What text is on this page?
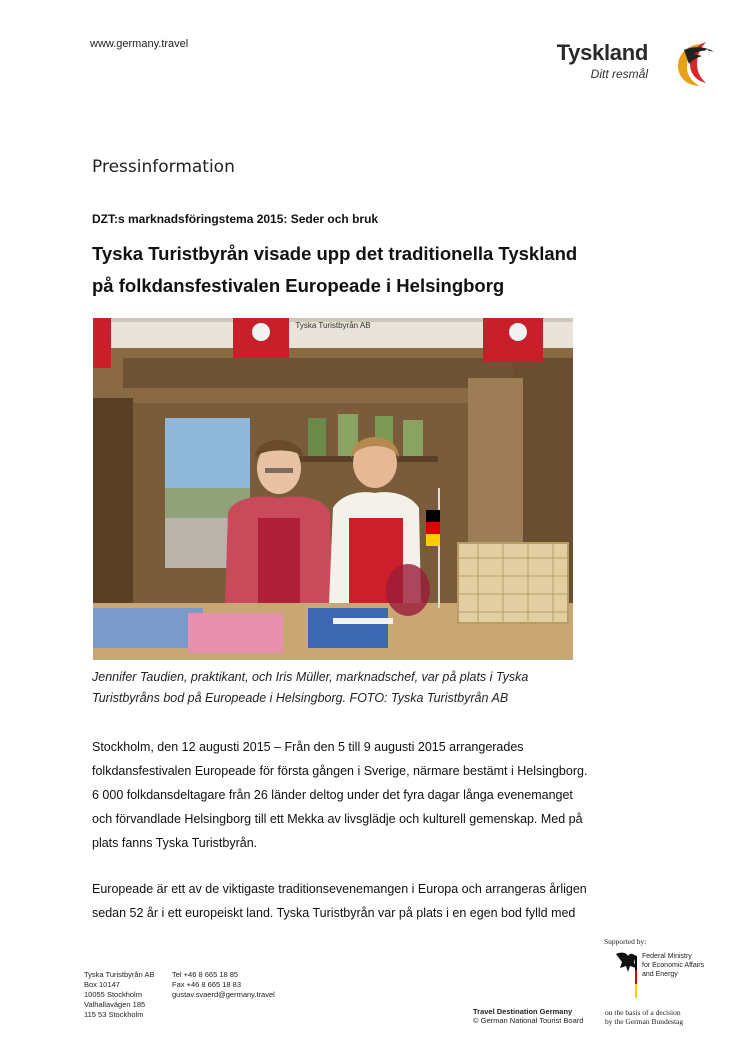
www.germany.travel	Tyskland
Ditt resmål
Pressinformation
DZT:s marknadsföringstema 2015: Seder och bruk
Tyska Turistbyrån visade upp det traditionella Tyskland
på folkdansfestivalen Europeade i Helsingborg
Tyska Turistbyrån AB
Jennifer Taudien, praktikant, och Iris Müller, marknadschef, var på plats i Tyska
Turistbyråns bod på Europeade i Helsingborg. FOTO: Tyska Turistbyrån AB
Stockholm, den 12 augusti 2015 – Från den 5 till 9 augusti 2015 arrangerades
folkdansfestivalen Europeade för första gången i Sverige, närmare bestämt i Helsingborg.
6 000 folkdansdeltagare från 26 länder deltog under det fyra dagar långa evenemanget
och förvandlade Helsingborg till ett Mekka av livsglädje och kulturell gemenskap. Med på
plats fanns Tyska Turistbyrån.
Europeade är ett av de viktigaste traditionsevenemangen i Europa och arrangeras årligen
sedan 52 år i ett europeiskt land. Tyska Turistbyrån var på plats i en egen bod fylld med
Tyska Turistbyrån AB
Box 10147
10055 Stockholm
Valhallavägen 185
115 53 Stockholm
Tel +46 8 665 18 85
Fax +46 8 665 18 83
gustav.svaerd@germany.travel
Supported by:
Federal Ministry
for Economic Affairs
and Energy
Travel Destination Germany
© German National Tourist Board
on the basis of a decision
by the German Bundestag
